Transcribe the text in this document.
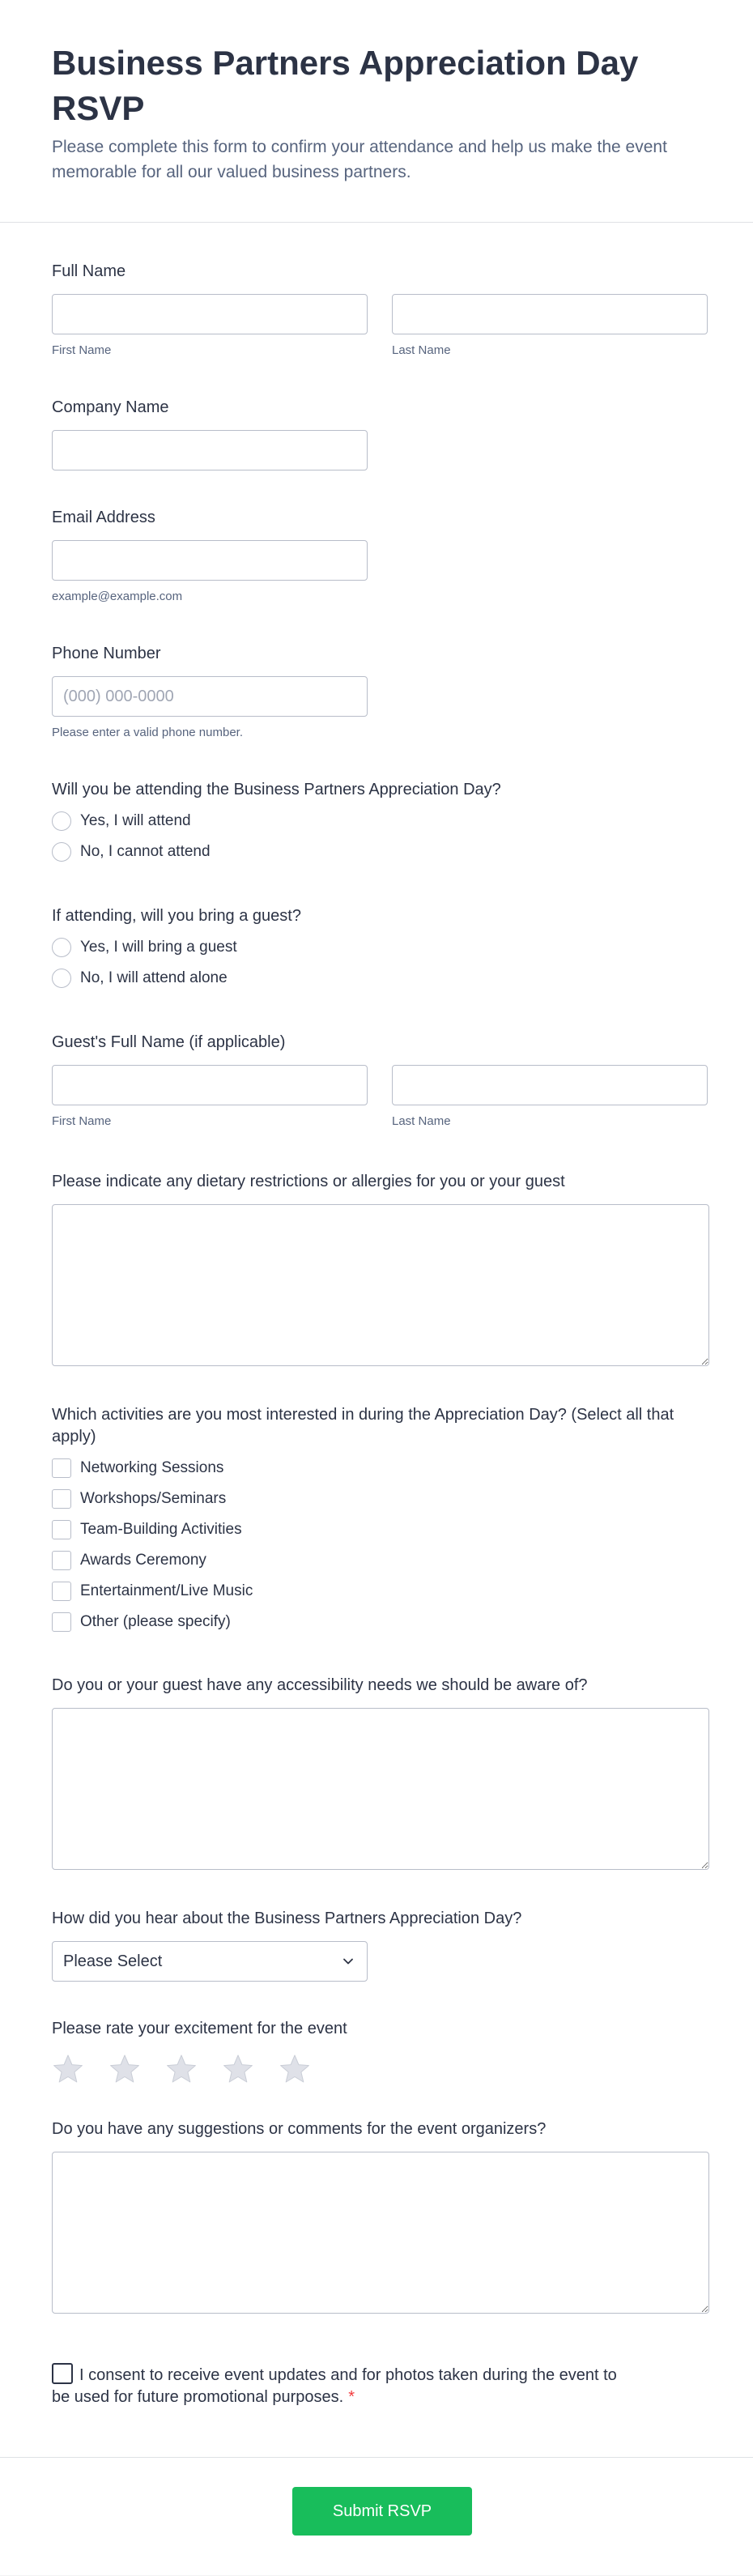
Business Partners Appreciation Day RSVP
Please complete this form to confirm your attendance and help us make the event memorable for all our valued business partners.
Full Name
First Name	Last Name
Company Name
Email Address
example@example.com
Phone Number
(000) 000-0000
Please enter a valid phone number.
Will you be attending the Business Partners Appreciation Day?
Yes, I will attend
No, I cannot attend
If attending, will you bring a guest?
Yes, I will bring a guest
No, I will attend alone
Guest's Full Name (if applicable)
First Name	Last Name
Please indicate any dietary restrictions or allergies for you or your guest
Which activities are you most interested in during the Appreciation Day? (Select all that apply)
Networking Sessions
Workshops/Seminars
Team-Building Activities
Awards Ceremony
Entertainment/Live Music
Other (please specify)
Do you or your guest have any accessibility needs we should be aware of?
How did you hear about the Business Partners Appreciation Day?
Please Select
Please rate your excitement for the event
Do you have any suggestions or comments for the event organizers?
I consent to receive event updates and for photos taken during the event to be used for future promotional purposes. *
Submit RSVP
